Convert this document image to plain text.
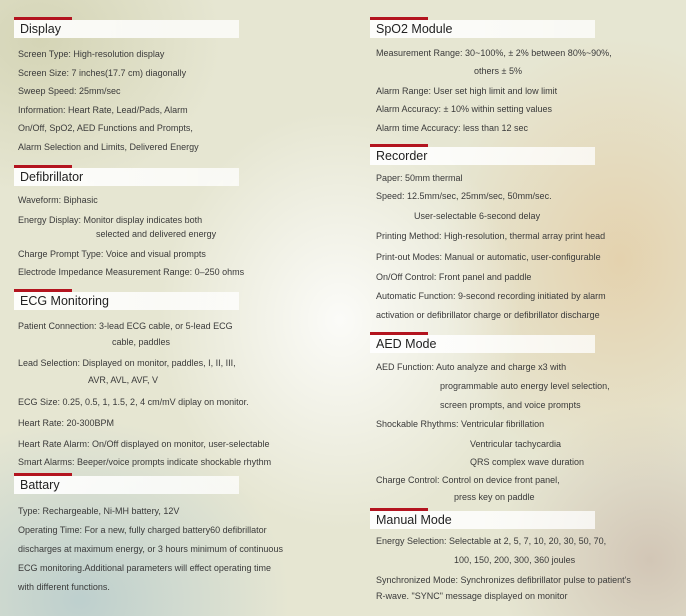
Display
Screen Type: High-resolution display
Screen Size: 7 inches(17.7 cm) diagonally
Sweep Speed: 25mm/sec
Information: Heart Rate, Lead/Pads, Alarm
On/Off, SpO2, AED Functions and Prompts,
Alarm Selection and Limits, Delivered Energy
Defibrillator
Waveform: Biphasic
Energy Display: Monitor display indicates both
selected and delivered energy
Charge Prompt Type: Voice and visual prompts
Electrode Impedance Measurement Range: 0–250 ohms
ECG Monitoring
Patient Connection: 3-lead ECG cable, or 5-lead ECG
cable, paddles
Lead Selection: Displayed on monitor, paddles, I, II, III,
AVR, AVL, AVF, V
ECG Size: 0.25, 0.5, 1, 1.5, 2, 4 cm/mV diplay on monitor.
Heart Rate: 20-300BPM
Heart Rate Alarm: On/Off displayed on monitor, user-selectable
Smart Alarms: Beeper/voice prompts indicate shockable rhythm
Battary
Type: Rechargeable, Ni-MH battery, 12V
Operating Time: For a new, fully charged battery60 defibrillator
discharges at maximum energy, or 3 hours minimum of continuous
ECG monitoring.Additional parameters will effect operating time
with different functions.
SpO2 Module
Measurement Range: 30~100%, ± 2% between 80%~90%,
others ± 5%
Alarm Range: User set high limit and low limit
Alarm Accuracy: ± 10% within setting values
Alarm time Accuracy: less than 12 sec
Recorder
Paper: 50mm thermal
Speed: 12.5mm/sec, 25mm/sec, 50mm/sec.
User-selectable 6-second delay
Printing Method: High-resolution, thermal array print head
Print-out Modes: Manual or automatic, user-configurable
On/Off Control: Front panel and paddle
Automatic Function: 9-second recording initiated by alarm
activation or defibrillator charge or defibrillator discharge
AED Mode
AED Function: Auto analyze and charge x3 with
programmable auto energy level selection,
screen prompts, and voice prompts
Shockable Rhythms: Ventricular fibrillation
Ventricular tachycardia
QRS complex wave duration
Charge Control: Control on device front panel,
press key on paddle
Manual Mode
Energy Selection: Selectable at 2, 5, 7, 10, 20, 30, 50, 70,
100, 150, 200, 300, 360 joules
Synchronized Mode: Synchronizes defibrillator pulse to patient's
R-wave. "SYNC" message displayed on monitor
